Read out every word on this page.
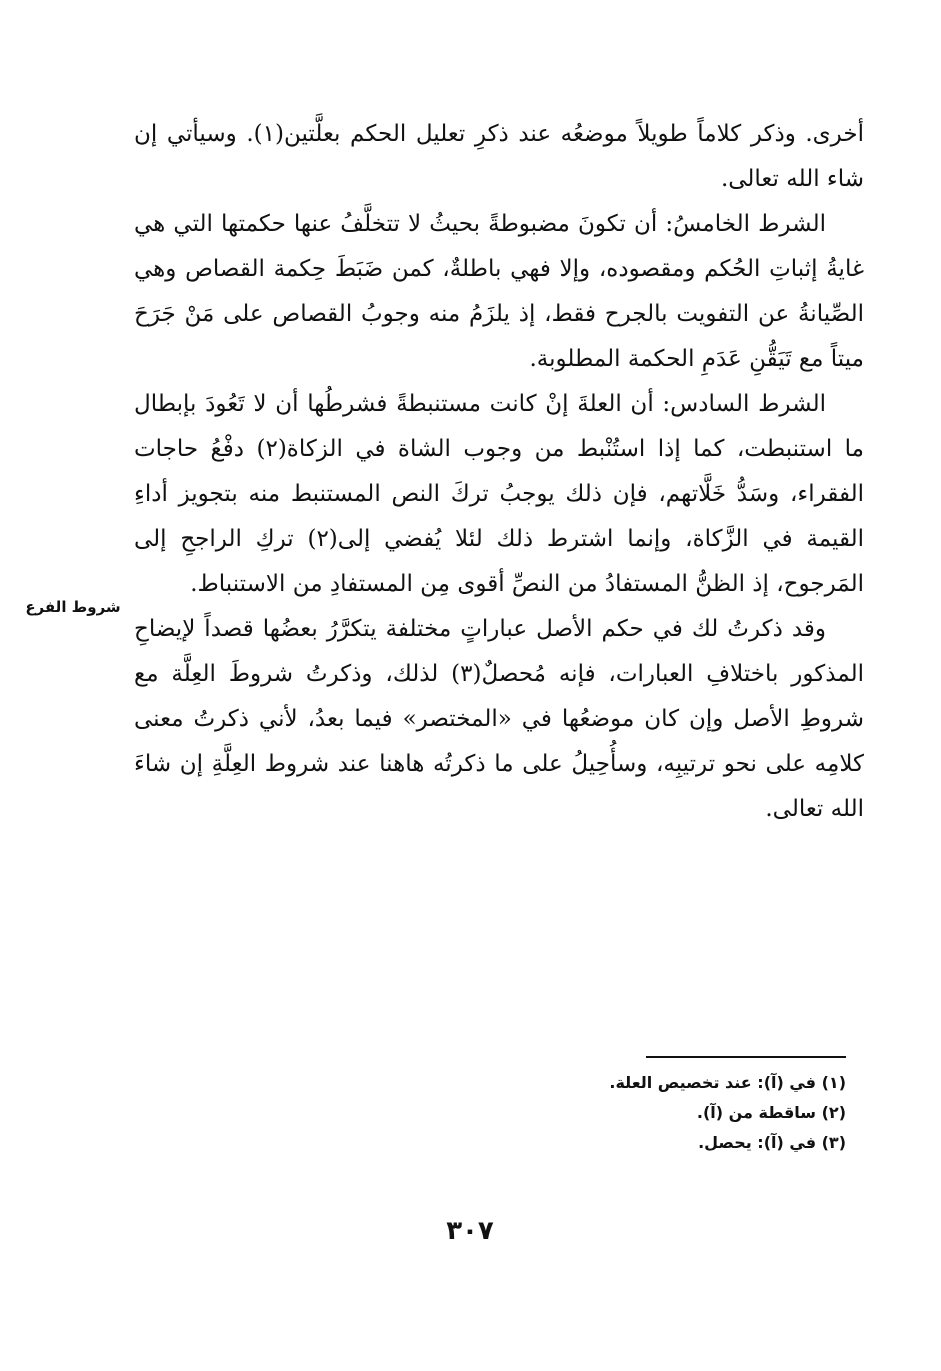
أخرى. وذكر كلاماً طويلاً موضعُه عند ذكرِ تعليل الحكم بعلَّتين(١). وسيأتي إن شاء الله تعالى.

الشرط الخامسُ: أن تكونَ مضبوطةً بحيثُ لا تتخلَّفُ عنها حكمتها التي هي غايةُ إثباتِ الحُكم ومقصوده، وإلا فهي باطلةٌ، كمن ضَبَطَ حِكمة القصاص وهي الصِّيانةُ عن التفويت بالجرح فقط، إذ يلزَمُ منه وجوبُ القصاص على مَنْ جَرَحَ ميتاً مع تَيَقُّنِ عَدَمِ الحكمة المطلوبة.

الشرط السادس: أن العلةَ إنْ كانت مستنبطةً فشرطُها أن لا تَعُودَ بإبطال ما استنبطت، كما إذا استُنْبط من وجوب الشاة في الزكاة(٢) دفْعُ حاجات الفقراء، وسَدُّ خَلَّاتهم، فإن ذلك يوجبُ تركَ النص المستنبط منه بتجويز أداءِ القيمة في الزَّكاة، وإنما اشترط ذلك لئلا يُفضي إلى(٢) تركِ الراجحِ إلى المَرجوح، إذ الظنُّ المستفادُ من النصِّ أقوى مِن المستفادِ من الاستنباط.

وقد ذكرتُ لك في حكم الأصل عباراتٍ مختلفة يتكرَّرُ بعضُها قصداً لإيضاحِ المذكور باختلافِ العبارات، فإنه مُحصلٌ(٣) لذلك، وذكرتُ شروطَ العِلَّة مع شروطِ الأصل وإن كان موضعُها في «المختصر» فيما بعدُ، لأني ذكرتُ معنى كلامِه على نحو ترتيبِه، وسأُحِيلُ على ما ذكرتُه هاهنا عند شروط العِلَّةِ إن شاءَ الله تعالى.

شروط الفرع

(١) في (آ): عند تخصيص العلة.

(٢) ساقطة من (آ).

(٣) في (آ): يحصل.

٣٠٧
